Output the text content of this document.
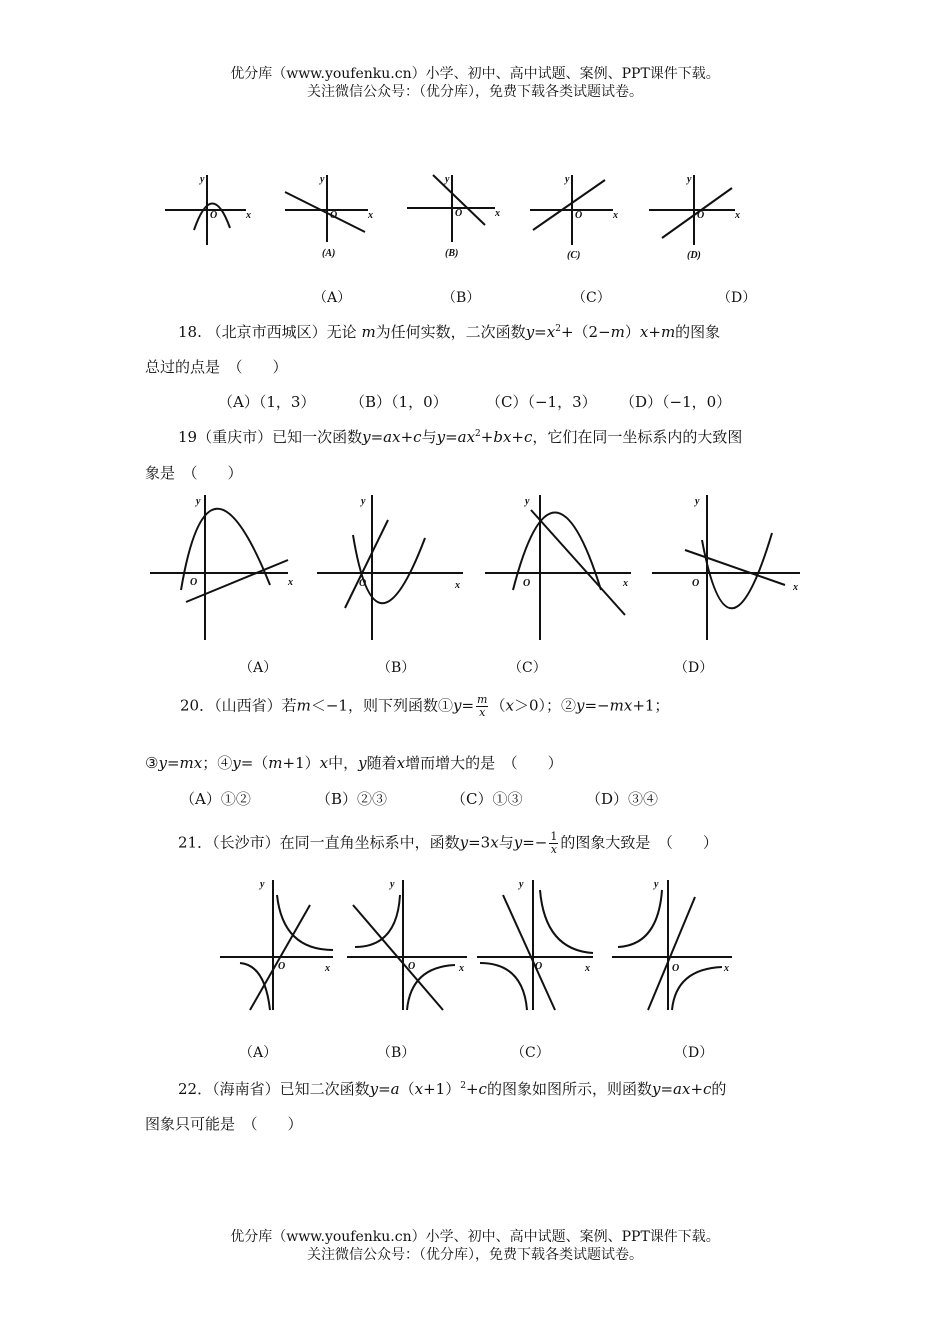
优分库（www.youfenku.cn）小学、初中、高中试题、案例、PPT课件下载。
关注微信公众号：（优分库），免费下载各类试题试卷。
y
O	x
y
O	x
(A)
y
O	x
(B)
y
O	x
(C)
y
O	x
(D)
（A）	（B）	（C）	（D）
18. （北京市西城区）无论 m为任何实数，二次函数$y=x^2+(2-m)x+m$的图象
总过的点是　（　　）
（A）（1，3） （B）（1，0）	（C）（−1，3） （D）（−1，0）
19（重庆市）已知一次函数y=ax+c与$y=ax^2+bx+c$，它们在同一坐标系内的大致图
象是　（　　）
y
O	x
y
O	x
y
O	x
y
O	x
（A）	（B）	（C）	（D）
20．（山西省）若m＜−1，则下列函数①y= $\frac{m}{x} (x>0)$；②y=−mx+1；
③y=mx；④y=（m+1）x中，y随着x增而增大的是　（　　）
（A）①②	（B）②③	（C）①③	（D）③④
21．（长沙市）在同一直角坐标系中，函数y=3x与$y=- \frac{1}{x}$ 的图象大致是　（　　）
y
O	x
y
O	x
y
O	x
y
O	x
（A）	（B）	（C）	（D）
22．（海南省）已知二次函数$y=a(x+1)^2+c$的图象如图所示，则函数y=ax+c的
图象只可能是　（　　）
优分库（www.youfenku.cn）小学、初中、高中试题、案例、PPT课件下载。
关注微信公众号：（优分库），免费下载各类试题试卷。
